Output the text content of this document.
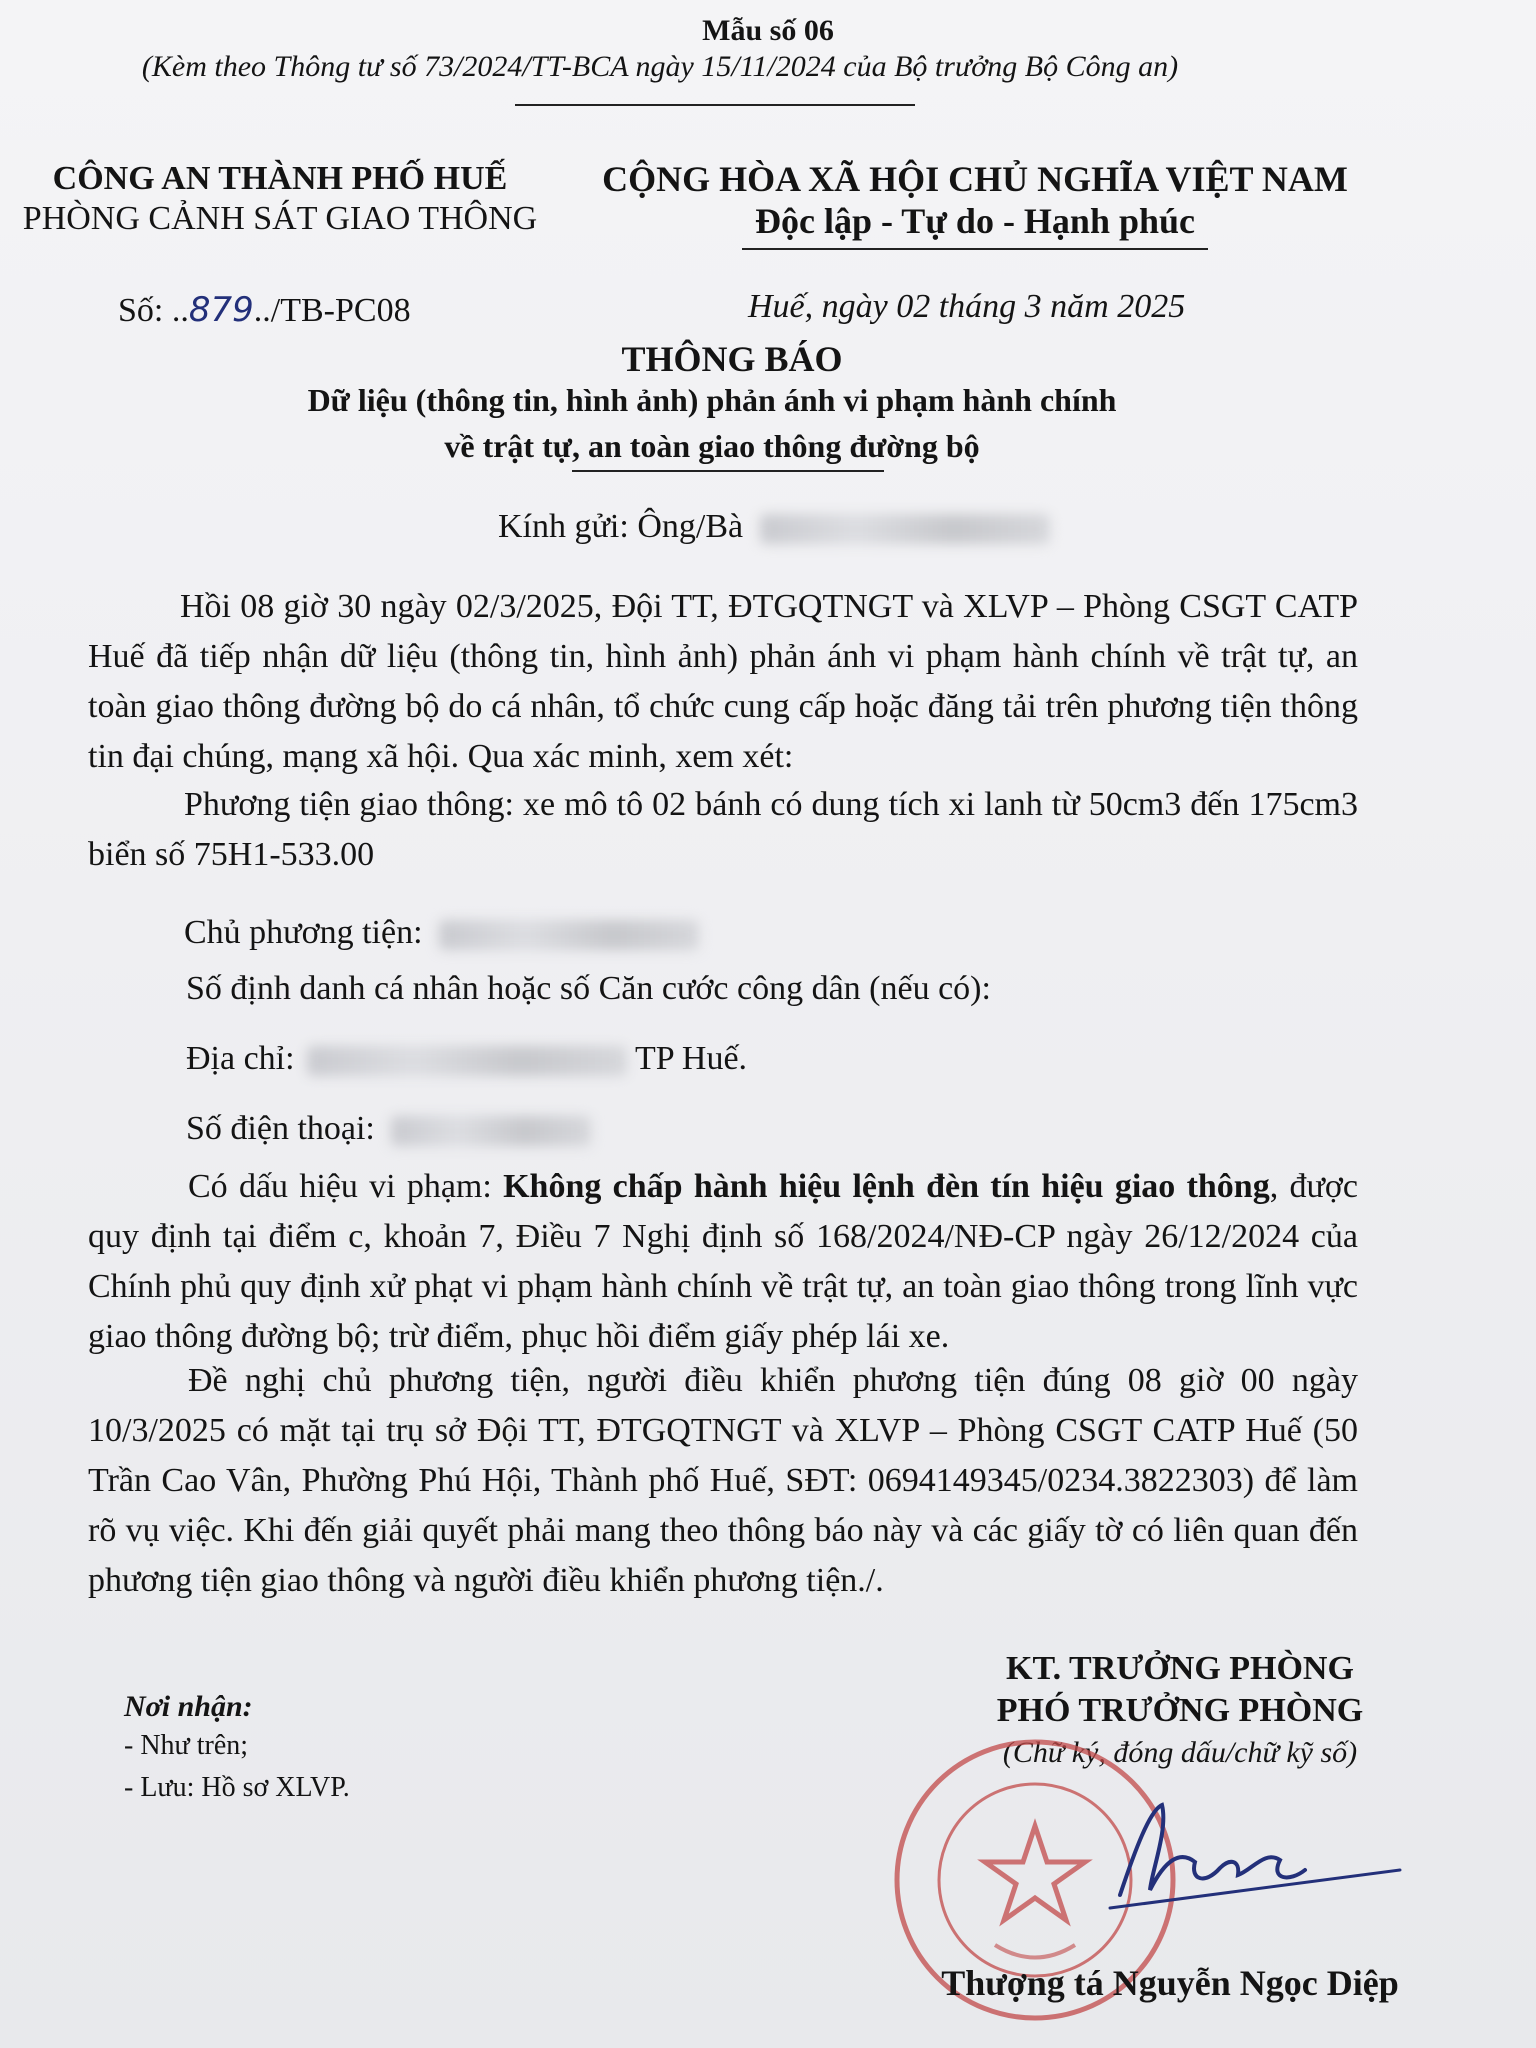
Mẫu số 06
(Kèm theo Thông tư số 73/2024/TT-BCA ngày 15/11/2024 của Bộ trưởng Bộ Công an)
CÔNG AN THÀNH PHỐ HUẾ
PHÒNG CẢNH SÁT GIAO THÔNG
CỘNG HÒA XÃ HỘI CHỦ NGHĨA VIỆT NAM
Độc lập - Tự do - Hạnh phúc
Số: ..879../TB-PC08	Huế, ngày 02 tháng 3 năm 2025
THÔNG BÁO
Dữ liệu (thông tin, hình ảnh) phản ánh vi phạm hành chính
về trật tự, an toàn giao thông đường bộ
Kính gửi: Ông/Bà
Hồi 08 giờ 30 ngày 02/3/2025, Đội TT, ĐTGQTNGT và XLVP – Phòng CSGT CATP Huế đã tiếp nhận dữ liệu (thông tin, hình ảnh) phản ánh vi phạm hành chính về trật tự, an toàn giao thông đường bộ do cá nhân, tổ chức cung cấp hoặc đăng tải trên phương tiện thông tin đại chúng, mạng xã hội. Qua xác minh, xem xét:
Phương tiện giao thông: xe mô tô 02 bánh có dung tích xi lanh từ 50cm3 đến 175cm3 biển số 75H1-533.00
Chủ phương tiện:
Số định danh cá nhân hoặc số Căn cước công dân (nếu có):
Địa chỉ:	TP Huế.
Số điện thoại:
Có dấu hiệu vi phạm: Không chấp hành hiệu lệnh đèn tín hiệu giao thông, được quy định tại điểm c, khoản 7, Điều 7 Nghị định số 168/2024/NĐ-CP ngày 26/12/2024 của Chính phủ quy định xử phạt vi phạm hành chính về trật tự, an toàn giao thông trong lĩnh vực giao thông đường bộ; trừ điểm, phục hồi điểm giấy phép lái xe.
Đề nghị chủ phương tiện, người điều khiển phương tiện đúng 08 giờ 00 ngày 10/3/2025 có mặt tại trụ sở Đội TT, ĐTGQTNGT và XLVP – Phòng CSGT CATP Huế (50 Trần Cao Vân, Phường Phú Hội, Thành phố Huế, SĐT: 0694149345/0234.3822303) để làm rõ vụ việc. Khi đến giải quyết phải mang theo thông báo này và các giấy tờ có liên quan đến phương tiện giao thông và người điều khiển phương tiện./.
Nơi nhận:
- Như trên;
- Lưu: Hồ sơ XLVP.
KT. TRƯỞNG PHÒNG
PHÓ TRƯỞNG PHÒNG
(Chữ ký, đóng dấu/chữ kỹ số)
Thượng tá Nguyễn Ngọc Diệp
